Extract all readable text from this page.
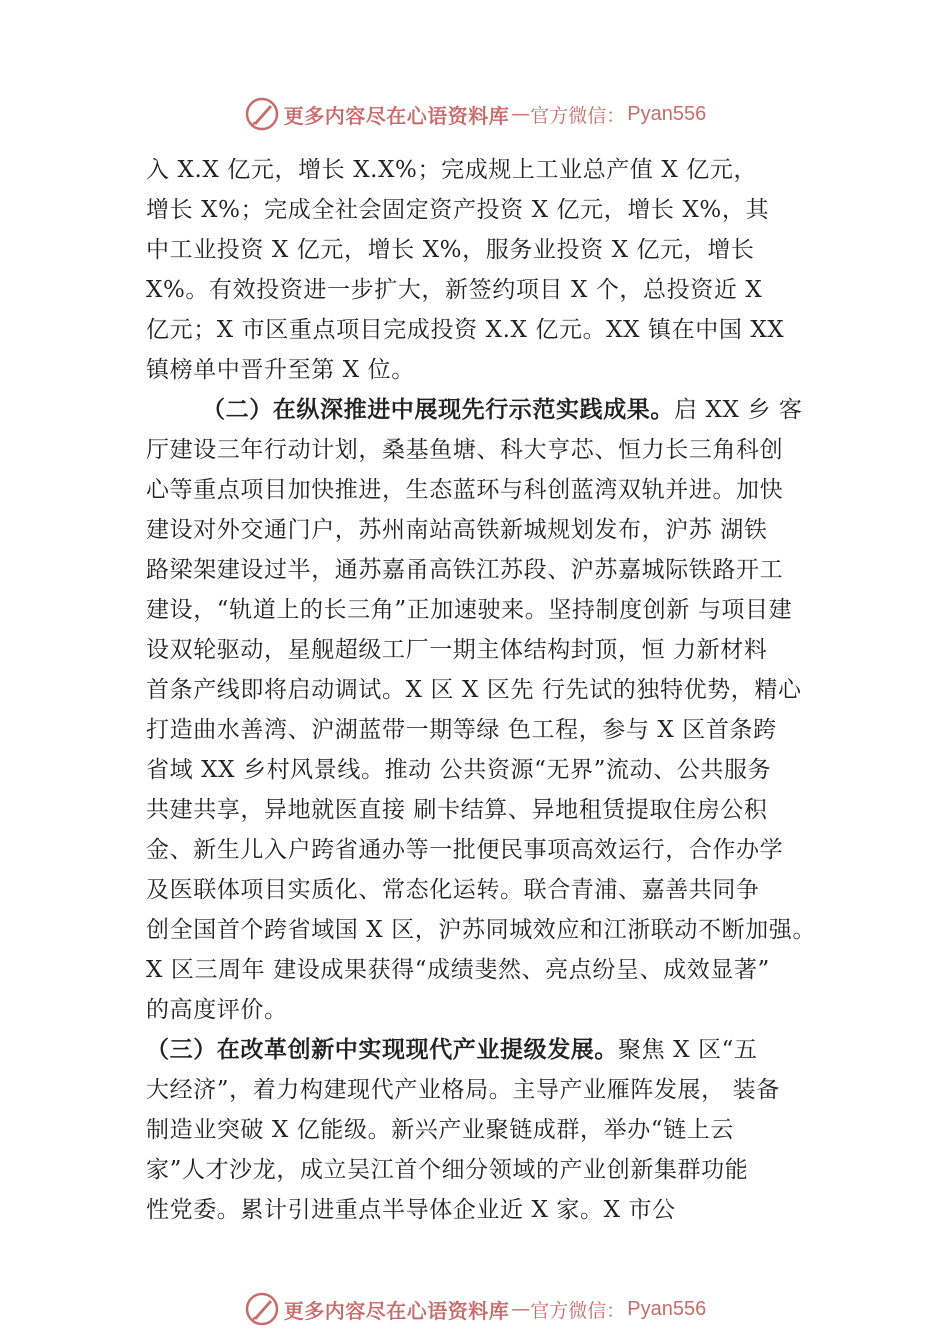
更多内容尽在心语资料库 — 官方微信： Pyan556
入 X.X 亿元，增长 X.X%；完成规上工业总产值 X 亿元，
增长 X%；完成全社会固定资产投资 X 亿元，增长 X%，其
中工业投资 X 亿元，增长 X%，服务业投资 X 亿元，增长
X%。有效投资进一步扩大，新签约项目 X 个，总投资近 X
亿元；X 市区重点项目完成投资 X.X 亿元。XX 镇在中国 XX
镇榜单中晋升至第 X 位。
（二）在纵深推进中展现先行示范实践成果。启 XX 乡 客
厅建设三年行动计划，桑基鱼塘、科大亨芯、恒力长三角科创
心等重点项目加快推进，生态蓝环与科创蓝湾双轨并进。加快
建设对外交通门户，苏州南站高铁新城规划发布，沪苏 湖铁
路梁架建设过半，通苏嘉甬高铁江苏段、沪苏嘉城际铁路开工
建设，“轨道上的长三角”正加速驶来。坚持制度创新 与项目建
设双轮驱动，星舰超级工厂一期主体结构封顶，恒 力新材料
首条产线即将启动调试。X 区 X 区先 行先试的独特优势，精心
打造曲水善湾、沪湖蓝带一期等绿 色工程，参与 X 区首条跨
省域 XX 乡村风景线。推动 公共资源“无界”流动、公共服务
共建共享，异地就医直接 刷卡结算、异地租赁提取住房公积
金、新生儿入户跨省通办等一批便民事项高效运行，合作办学
及医联体项目实质化、常态化运转。联合青浦、嘉善共同争
创全国首个跨省域国 X 区，沪苏同城效应和江浙联动不断加强。
X 区三周年 建设成果获得“成绩斐然、亮点纷呈、成效显著”
的高度评价。
（三）在改革创新中实现现代产业提级发展。聚焦 X 区“五
大经济”，着力构建现代产业格局。主导产业雁阵发展， 装备
制造业突破 X 亿能级。新兴产业聚链成群，举办“链上云
家”人才沙龙，成立吴江首个细分领域的产业创新集群功能
性党委。累计引进重点半导体企业近 X 家。X 市公
更多内容尽在心语资料库 — 官方微信： Pyan556
